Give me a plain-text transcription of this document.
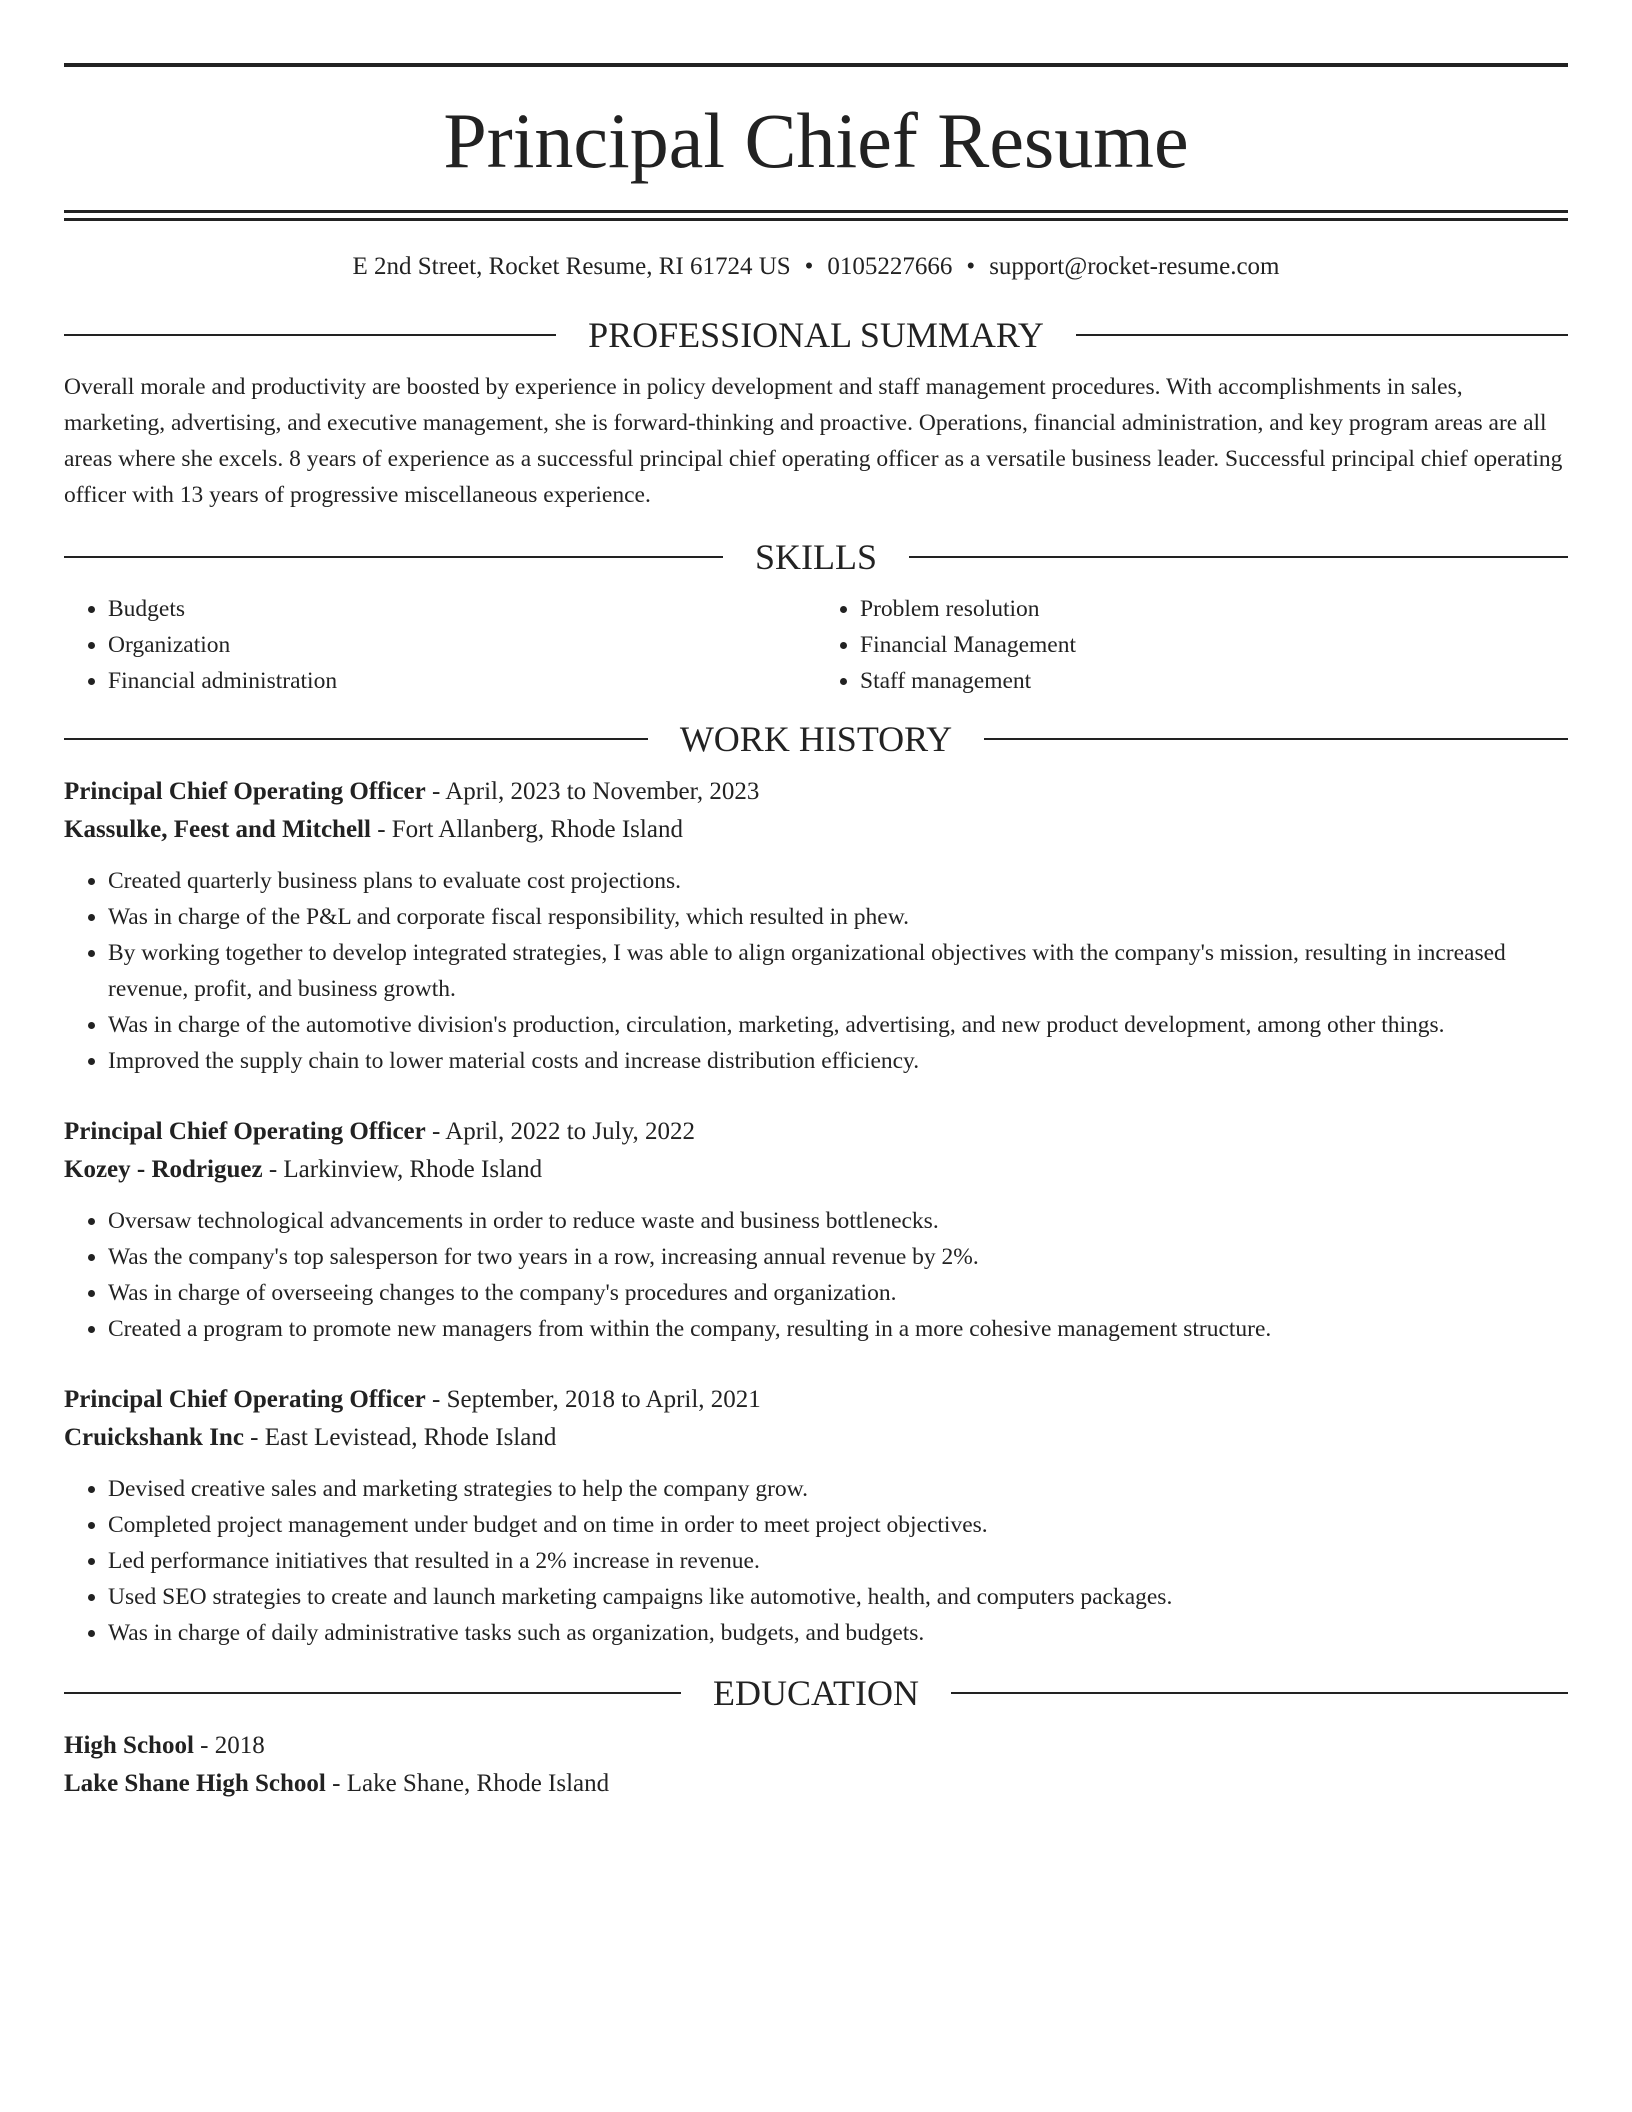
Principal Chief Resume
E 2nd Street, Rocket Resume, RI 61724 US • 0105227666 • support@rocket-resume.com
PROFESSIONAL SUMMARY

Overall morale and productivity are boosted by experience in policy development and staff management procedures. With accomplishments in sales, marketing, advertising, and executive management, she is forward-thinking and proactive. Operations, financial administration, and key program areas are all areas where she excels. 8 years of experience as a successful principal chief operating officer as a versatile business leader. Successful principal chief operating officer with 13 years of progressive miscellaneous experience.

SKILLS
• Budgets
• Organization
• Financial administration
• Problem resolution
• Financial Management
• Staff management
WORK HISTORY
Principal Chief Operating Officer - April, 2023 to November, 2023
Kassulke, Feest and Mitchell - Fort Allanberg, Rhode Island
• Created quarterly business plans to evaluate cost projections.
• Was in charge of the P&L and corporate fiscal responsibility, which resulted in phew.
• By working together to develop integrated strategies, I was able to align organizational objectives with the company's mission, resulting in increased revenue, profit, and business growth.
• Was in charge of the automotive division's production, circulation, marketing, advertising, and new product development, among other things.
• Improved the supply chain to lower material costs and increase distribution efficiency.
Principal Chief Operating Officer - April, 2022 to July, 2022
Kozey - Rodriguez - Larkinview, Rhode Island
• Oversaw technological advancements in order to reduce waste and business bottlenecks.
• Was the company's top salesperson for two years in a row, increasing annual revenue by 2%.
• Was in charge of overseeing changes to the company's procedures and organization.
• Created a program to promote new managers from within the company, resulting in a more cohesive management structure.
Principal Chief Operating Officer - September, 2018 to April, 2021
Cruickshank Inc - East Levistead, Rhode Island
• Devised creative sales and marketing strategies to help the company grow.
• Completed project management under budget and on time in order to meet project objectives.
• Led performance initiatives that resulted in a 2% increase in revenue.
• Used SEO strategies to create and launch marketing campaigns like automotive, health, and computers packages.
• Was in charge of daily administrative tasks such as organization, budgets, and budgets.
EDUCATION
High School - 2018
Lake Shane High School - Lake Shane, Rhode Island
